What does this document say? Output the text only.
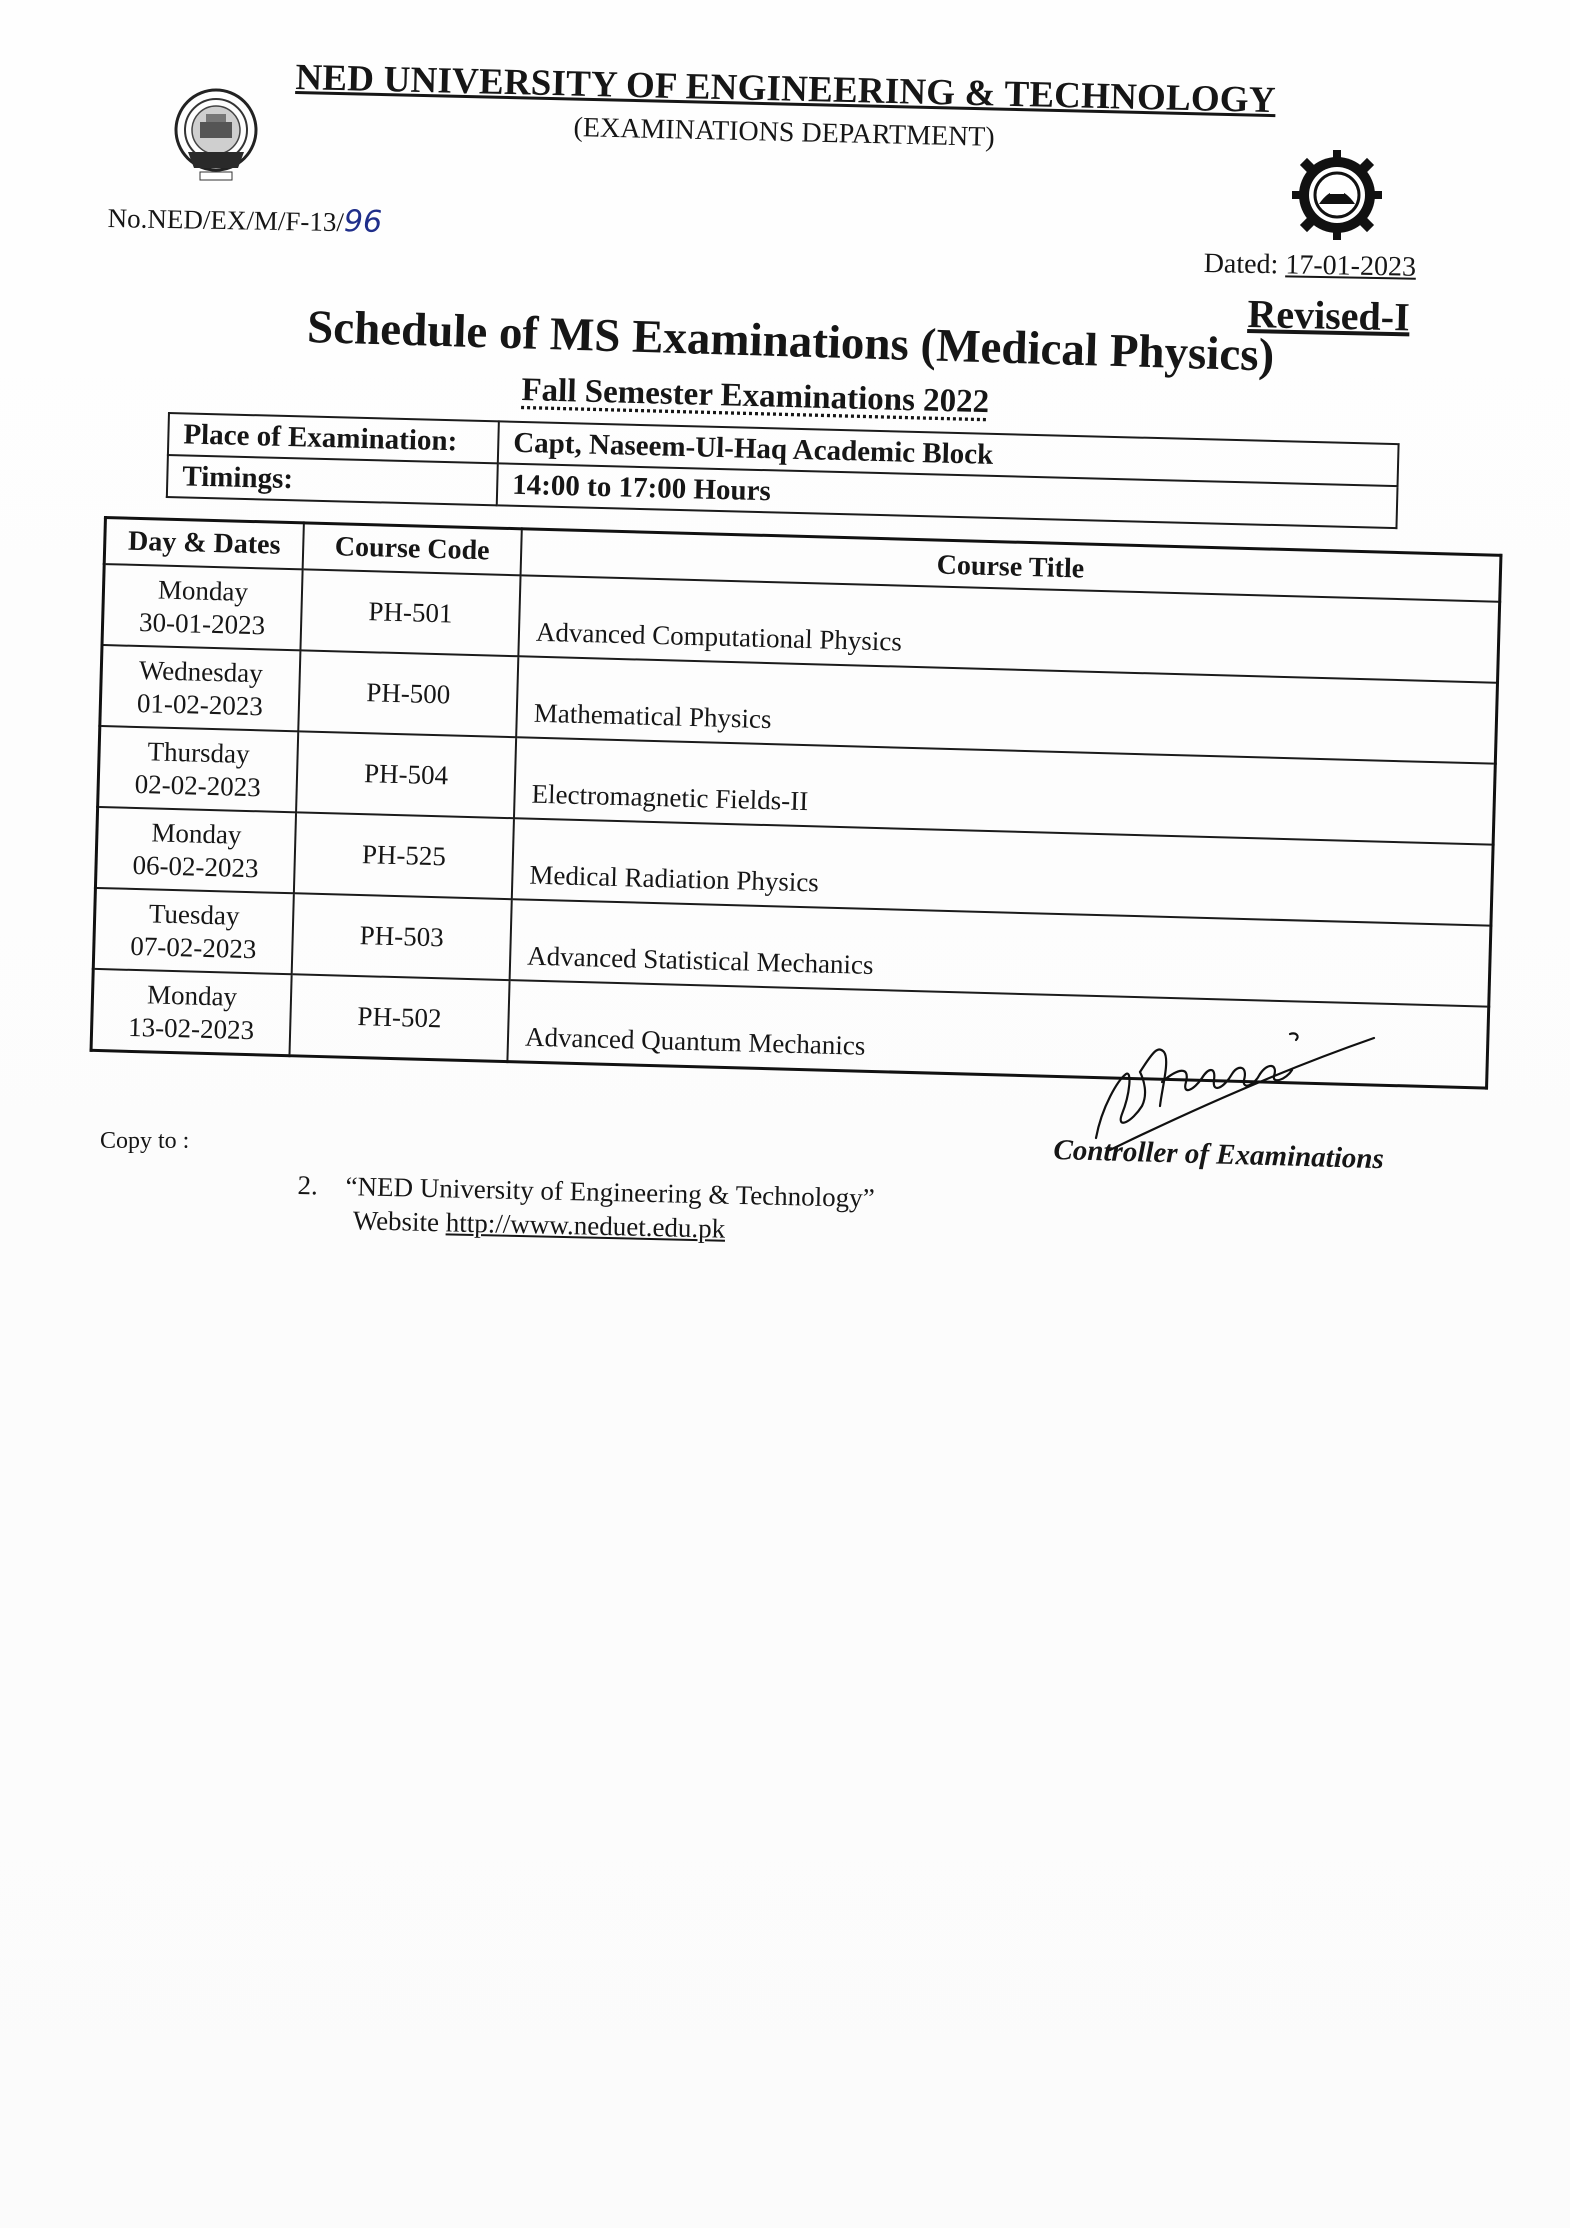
NED UNIVERSITY OF ENGINEERING & TECHNOLOGY
(EXAMINATIONS DEPARTMENT)
No.NED/EX/M/F-13/96
Dated: 17-01-2023
Revised-I
Schedule of MS Examinations (Medical Physics)
Fall Semester Examinations 2022
Place of Examination:	Capt, Naseem-Ul-Haq Academic Block
Timings:	14:00 to 17:00 Hours
Day & Dates	Course Code	Course Title

Monday
30-01-2023	PH-501	Advanced Computational Physics

Wednesday
01-02-2023	PH-500	Mathematical Physics

Thursday
02-02-2023	PH-504	Electromagnetic Fields-II

Monday
06-02-2023	PH-525	Medical Radiation Physics

Tuesday
07-02-2023	PH-503	Advanced Statistical Mechanics

Monday
13-02-2023	PH-502	Advanced Quantum Mechanics
Copy to :	Controller of Examinations
2. “NED University of Engineering & Technology”
Website http://www.neduet.edu.pk
